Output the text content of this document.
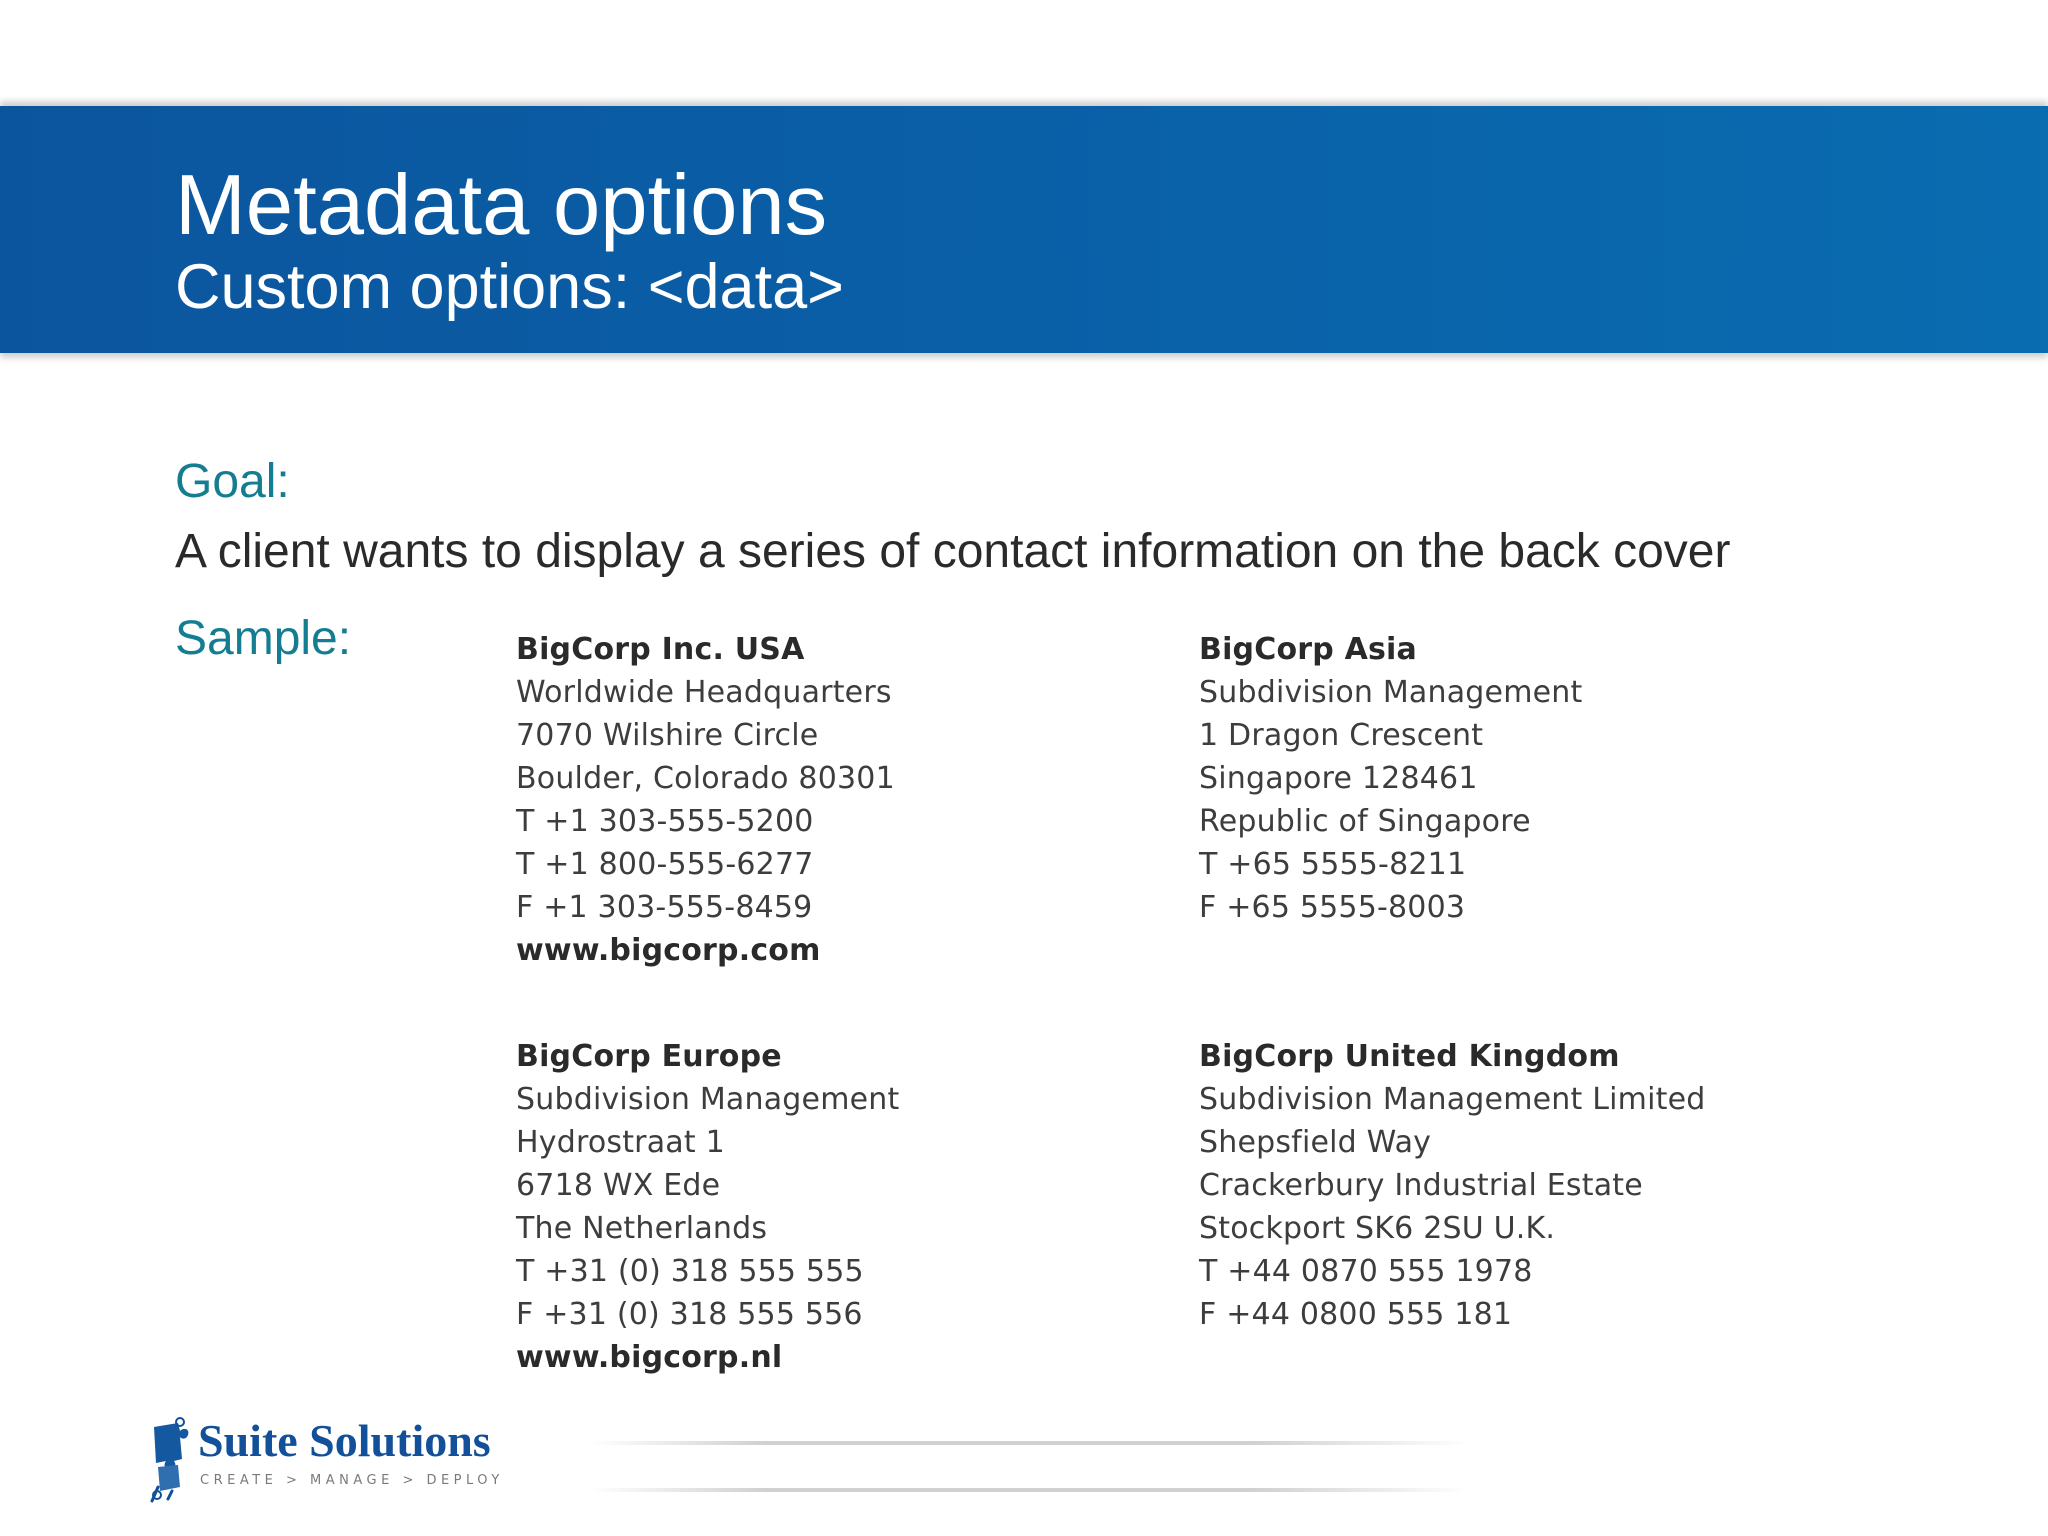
Metadata options
Custom options: <data>
Goal:
A client wants to display a series of contact information on the back cover
Sample:	BigCorp Inc. USA
Worldwide Headquarters
7070 Wilshire Circle
Boulder, Colorado 80301
T +1 303-555-5200
T +1 800-555-6277
F +1 303-555-8459
www.bigcorp.com
BigCorp Asia
Subdivision Management
1 Dragon Crescent
Singapore 128461
Republic of Singapore
T +65 5555-8211
F +65 5555-8003
BigCorp Europe
Subdivision Management
Hydrostraat 1
6718 WX Ede
The Netherlands
T +31 (0) 318 555 555
F +31 (0) 318 555 556
www.bigcorp.nl
BigCorp United Kingdom
Subdivision Management Limited
Shepsfield Way
Crackerbury Industrial Estate
Stockport SK6 2SU U.K.
T +44 0870 555 1978
F +44 0800 555 181
Suite Solutions
CREATE > MANAGE > DEPLOY
